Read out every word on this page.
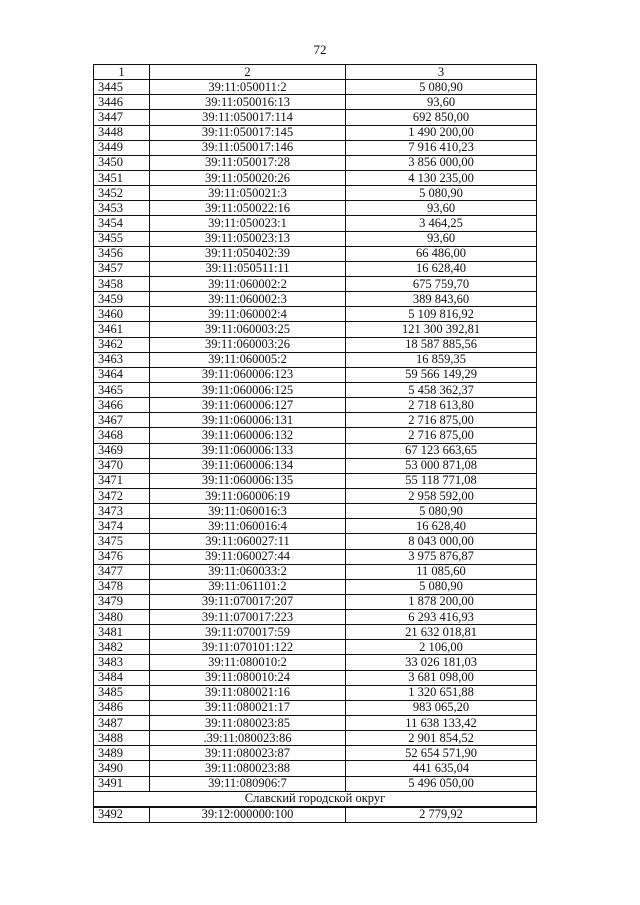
72
1	2	3
3445	39:11:050011:2	5 080,90
3446	39:11:050016:13	93,60
3447	39:11:050017:114	692 850,00
3448	39:11:050017:145	1 490 200,00
3449	39:11:050017:146	7 916 410,23
3450	39:11:050017:28	3 856 000,00
3451	39:11:050020:26	4 130 235,00
3452	39:11:050021:3	5 080,90
3453	39:11:050022:16	93,60
3454	39:11:050023:1	3 464,25
3455	39:11:050023:13	93,60
3456	39:11:050402:39	66 486,00
3457	39:11:050511:11	16 628,40
3458	39:11:060002:2	675 759,70
3459	39:11:060002:3	389 843,60
3460	39:11:060002:4	5 109 816,92
3461	39:11:060003:25	121 300 392,81
3462	39:11:060003:26	18 587 885,56
3463	39:11:060005:2	16 859,35
3464	39:11:060006:123	59 566 149,29
3465	39:11:060006:125	5 458 362,37
3466	39:11:060006:127	2 718 613,80
3467	39:11:060006:131	2 716 875,00
3468	39:11:060006:132	2 716 875,00
3469	39:11:060006:133	67 123 663,65
3470	39:11:060006:134	53 000 871,08
3471	39:11:060006:135	55 118 771,08
3472	39:11:060006:19	2 958 592,00
3473	39:11:060016:3	5 080,90
3474	39:11:060016:4	16 628,40
3475	39:11:060027:11	8 043 000,00
3476	39:11:060027:44	3 975 876,87
3477	39:11:060033:2	11 085,60
3478	39:11:061101:2	5 080,90
3479	39:11:070017:207	1 878 200,00
3480	39:11:070017:223	6 293 416,93
3481	39:11:070017:59	21 632 018,81
3482	39:11:070101:122	2 106,00
3483	39:11:080010:2	33 026 181,03
3484	39:11:080010:24	3 681 098,00
3485	39:11:080021:16	1 320 651,88
3486	39:11:080021:17	983 065,20
3487	39:11:080023:85	11 638 133,42
3488	.39:11:080023:86	2 901 854,52
3489	39:11:080023:87	52 654 571,90
3490	39:11:080023:88	441 635,04
3491	39:11:080906:7	5 496 050,00
Славский городской округ		
3492	39:12:000000:100	2 779,92
